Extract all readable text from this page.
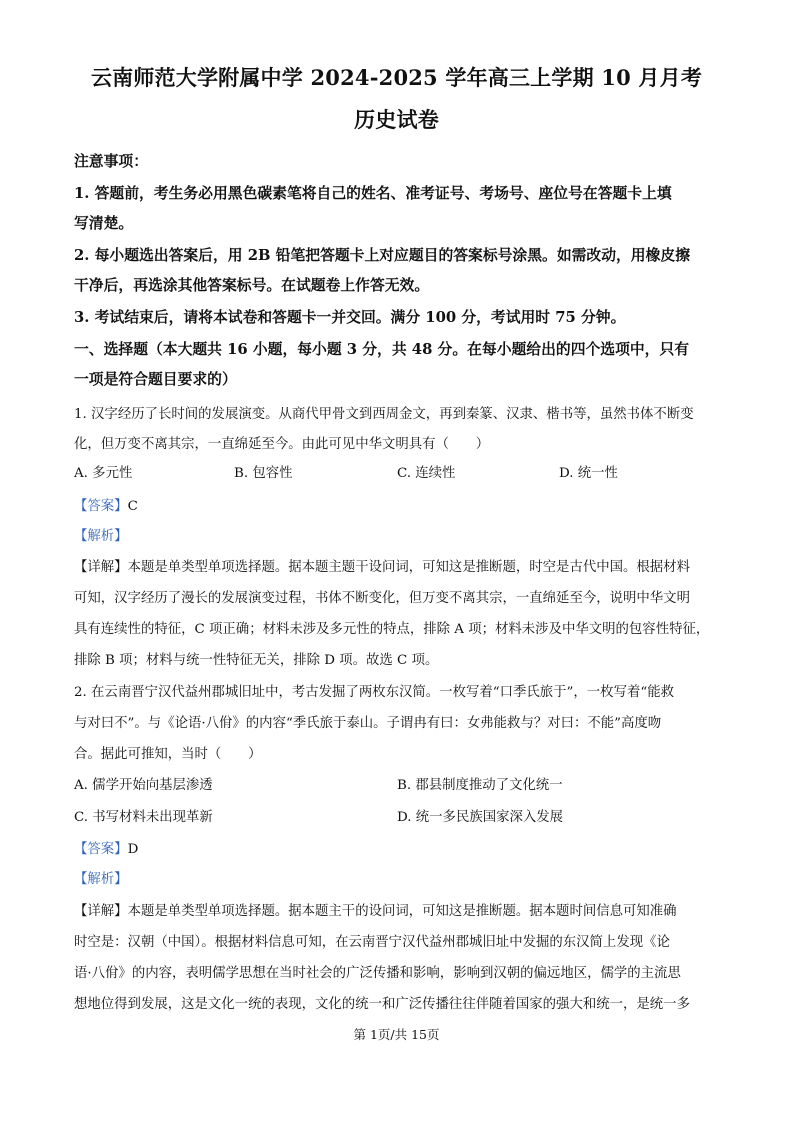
云南师范大学附属中学 2024-2025 学年高三上学期 10 月月考
历史试卷
注意事项：
1. 答题前，考生务必用黑色碳素笔将自己的姓名、准考证号、考场号、座位号在答题卡上填
写清楚。
2. 每小题选出答案后，用 2B 铅笔把答题卡上对应题目的答案标号涂黑。如需改动，用橡皮擦
干净后，再选涂其他答案标号。在试题卷上作答无效。
3. 考试结束后，请将本试卷和答题卡一并交回。满分 100 分，考试用时 75 分钟。
一、选择题（本大题共 16 小题，每小题 3 分，共 48 分。在每小题给出的四个选项中，只有
一项是符合题目要求的）
1. 汉字经历了长时间的发展演变。从商代甲骨文到西周金文，再到秦篆、汉隶、楷书等，虽然书体不断变
化，但万变不离其宗，一直绵延至今。由此可见中华文明具有（　　）
A. 多元性	B. 包容性	C. 连续性	D. 统一性
【答案】C
【解析】
【详解】本题是单类型单项选择题。据本题主题干设问词，可知这是推断题，时空是古代中国。根据材料
可知，汉字经历了漫长的发展演变过程，书体不断变化，但万变不离其宗，一直绵延至今，说明中华文明
具有连续性的特征，C 项正确；材料未涉及多元性的特点，排除 A 项；材料未涉及中华文明的包容性特征，
排除 B 项；材料与统一性特征无关，排除 D 项。故选 C 项。
2. 在云南晋宁汉代益州郡城旧址中，考古发掘了两枚东汉简。一枚写着“口季氏旅于”，一枚写着“能救
与对曰不”。与《论语·八佾》的内容“季氏旅于泰山。子谓冉有曰：女弗能救与？对曰：不能”高度吻
合。据此可推知，当时（　　）
A. 儒学开始向基层渗透	B. 郡县制度推动了文化统一
C. 书写材料未出现革新	D. 统一多民族国家深入发展
【答案】D
【解析】
【详解】本题是单类型单项选择题。据本题主干的设问词，可知这是推断题。据本题时间信息可知准确
时空是：汉朝（中国）。根据材料信息可知，在云南晋宁汉代益州郡城旧址中发掘的东汉简上发现《论
语·八佾》的内容，表明儒学思想在当时社会的广泛传播和影响，影响到汉朝的偏远地区，儒学的主流思
想地位得到发展，这是文化一统的表现，文化的统一和广泛传播往往伴随着国家的强大和统一，是统一多
第 1页/共 15页
